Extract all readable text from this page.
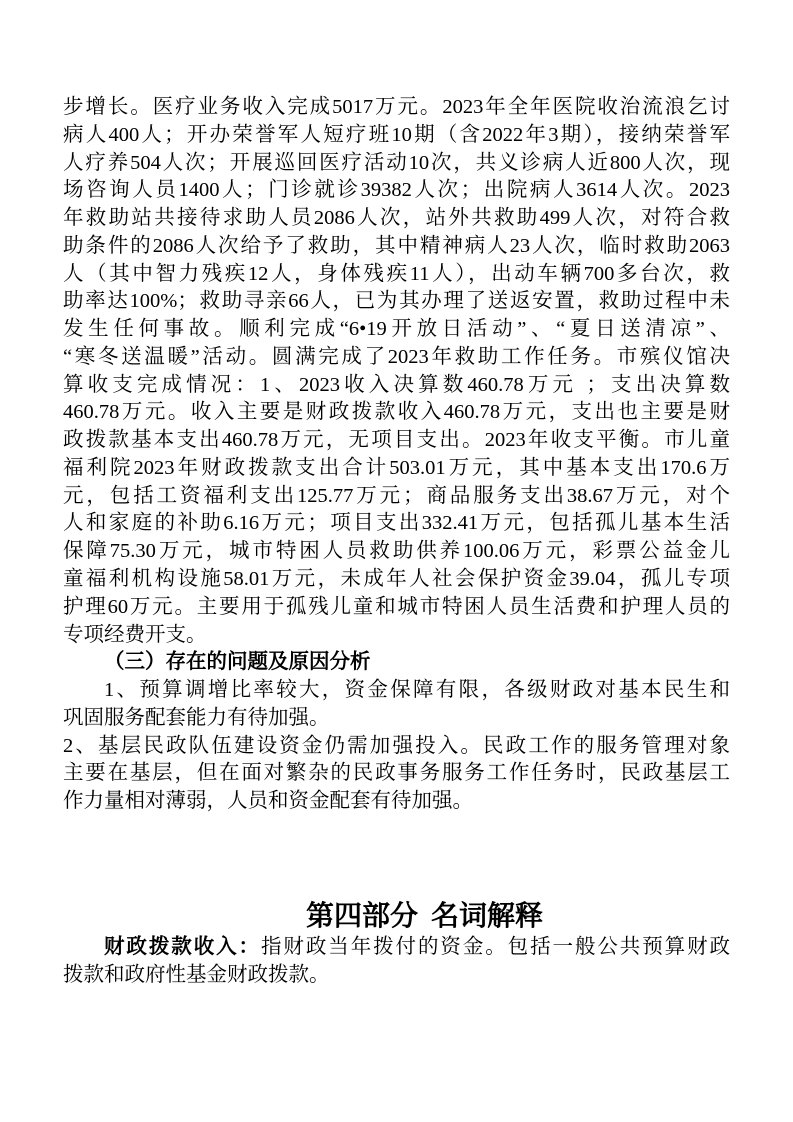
步增长。医疗业务收入完成5017万元。2023年全年医院收治流浪乞讨
病人400人；开办荣誉军人短疗班10期（含2022年3期），接纳荣誉军
人疗养504人次；开展巡回医疗活动10次，共义诊病人近800人次，现
场咨询人员1400人；门诊就诊39382人次；出院病人3614人次。2023
年救助站共接待求助人员2086人次，站外共救助499人次，对符合救
助条件的2086人次给予了救助，其中精神病人23人次，临时救助2063
人（其中智力残疾12人，身体残疾11人），出动车辆700多台次，救
助率达100%；救助寻亲66人，已为其办理了送返安置，救助过程中未
发生任何事故。顺利完成“6•19开放日活动”、“夏日送清凉”、
“寒冬送温暖”活动。圆满完成了2023年救助工作任务。市殡仪馆决
算收支完成情况：1、2023收入决算数460.78万元 ；支出决算数
460.78万元。收入主要是财政拨款收入460.78万元，支出也主要是财
政拨款基本支出460.78万元，无项目支出。2023年收支平衡。市儿童
福利院2023年财政拨款支出合计503.01万元，其中基本支出170.6万
元，包括工资福利支出125.77万元；商品服务支出38.67万元，对个
人和家庭的补助6.16万元；项目支出332.41万元，包括孤儿基本生活
保障75.30万元，城市特困人员救助供养100.06万元，彩票公益金儿
童福利机构设施58.01万元，未成年人社会保护资金39.04，孤儿专项
护理60万元。主要用于孤残儿童和城市特困人员生活费和护理人员的
专项经费开支。
（三）存在的问题及原因分析
1、预算调增比率较大，资金保障有限，各级财政对基本民生和
巩固服务配套能力有待加强。
2、基层民政队伍建设资金仍需加强投入。民政工作的服务管理对象
主要在基层，但在面对繁杂的民政事务服务工作任务时，民政基层工
作力量相对薄弱，人员和资金配套有待加强。
第四部分 名词解释
财政拨款收入：指财政当年拨付的资金。包括一般公共预算财政
拨款和政府性基金财政拨款。
